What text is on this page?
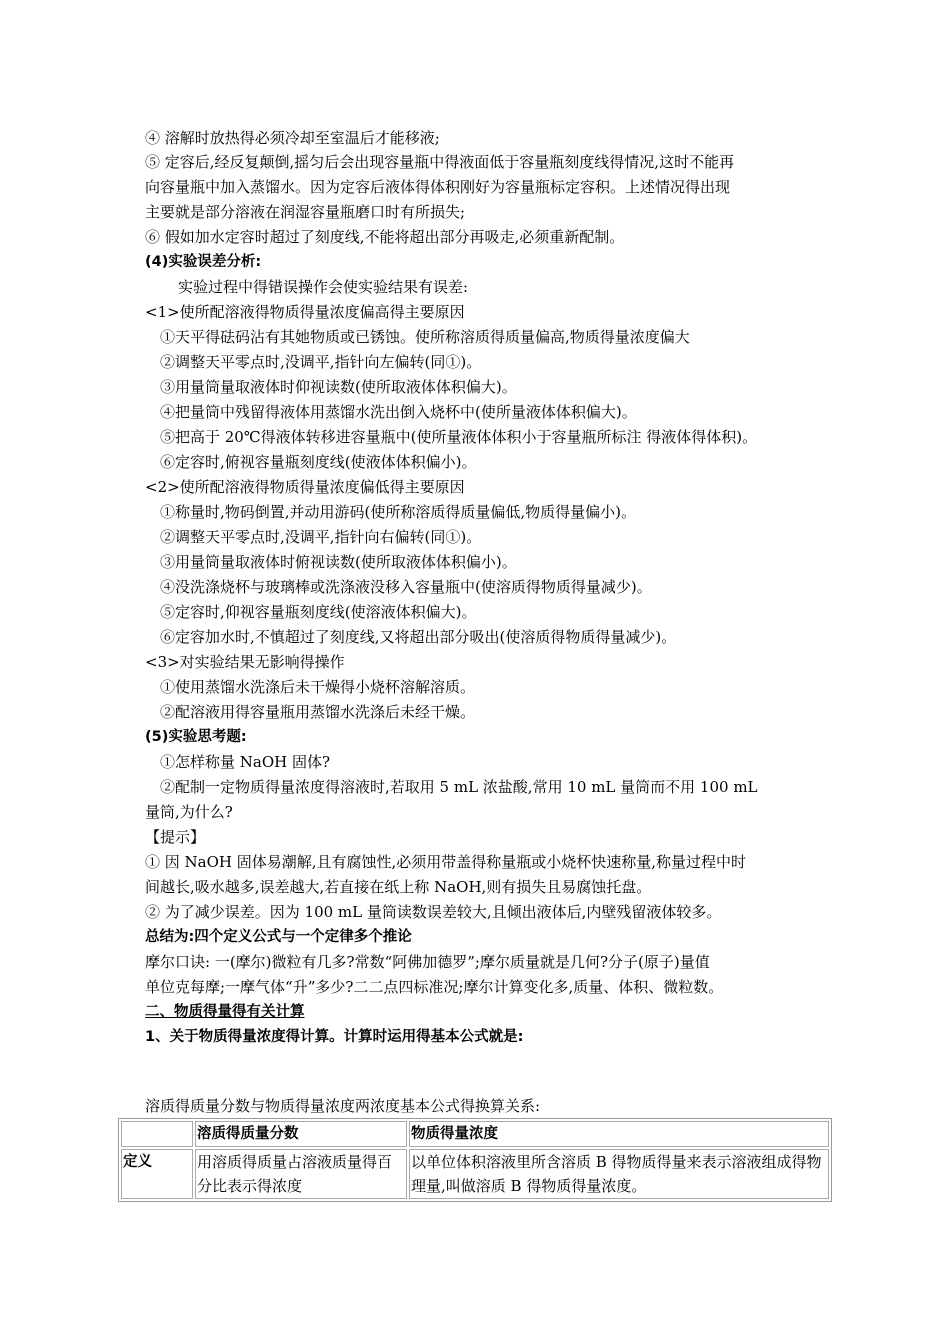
④ 溶解时放热得必须冷却至室温后才能移液;
⑤ 定容后,经反复颠倒,摇匀后会出现容量瓶中得液面低于容量瓶刻度线得情况,这时不能再
向容量瓶中加入蒸馏水。因为定容后液体得体积刚好为容量瓶标定容积。上述情况得出现
主要就是部分溶液在润湿容量瓶磨口时有所损失;
⑥ 假如加水定容时超过了刻度线,不能将超出部分再吸走,必须重新配制。
(4)实验误差分析:
实验过程中得错误操作会使实验结果有误差:
<1>使所配溶液得物质得量浓度偏高得主要原因
①天平得砝码沾有其她物质或已锈蚀。使所称溶质得质量偏高,物质得量浓度偏大
②调整天平零点时,没调平,指针向左偏转(同①)。
③用量筒量取液体时仰视读数(使所取液体体积偏大)。
④把量筒中残留得液体用蒸馏水洗出倒入烧杯中(使所量液体体积偏大)。
⑤把高于 20℃得液体转移进容量瓶中(使所量液体体积小于容量瓶所标注 得液体得体积)。
⑥定容时,俯视容量瓶刻度线(使液体体积偏小)。
<2>使所配溶液得物质得量浓度偏低得主要原因
①称量时,物码倒置,并动用游码(使所称溶质得质量偏低,物质得量偏小)。
②调整天平零点时,没调平,指针向右偏转(同①)。
③用量筒量取液体时俯视读数(使所取液体体积偏小)。
④没洗涤烧杯与玻璃棒或洗涤液没移入容量瓶中(使溶质得物质得量减少)。
⑤定容时,仰视容量瓶刻度线(使溶液体积偏大)。
⑥定容加水时,不慎超过了刻度线,又将超出部分吸出(使溶质得物质得量减少)。
<3>对实验结果无影响得操作
①使用蒸馏水洗涤后未干燥得小烧杯溶解溶质。
②配溶液用得容量瓶用蒸馏水洗涤后未经干燥。
(5)实验思考题:
①怎样称量 NaOH 固体?
②配制一定物质得量浓度得溶液时,若取用 5 mL 浓盐酸,常用 10 mL 量筒而不用 100 mL
量筒,为什么?
【提示】
① 因 NaOH 固体易潮解,且有腐蚀性,必须用带盖得称量瓶或小烧杯快速称量,称量过程中时
间越长,吸水越多,误差越大,若直接在纸上称 NaOH,则有损失且易腐蚀托盘。
② 为了减少误差。因为 100 mL 量筒读数误差较大,且倾出液体后,内壁残留液体较多。
总结为:四个定义公式与一个定律多个推论
摩尔口诀: 一(摩尔)微粒有几多?常数“阿佛加德罗”;摩尔质量就是几何?分子(原子)量值
单位克每摩;一摩气体“升”多少?二二点四标准况;摩尔计算变化多,质量、体积、微粒数。
二、物质得量得有关计算
1、关于物质得量浓度得计算。计算时运用得基本公式就是:
溶质得质量分数与物质得量浓度两浓度基本公式得换算关系:
	溶质得质量分数	物质得量浓度
定义	用溶质得质量占溶液质量得百分比表示得浓度	以单位体积溶液里所含溶质 B 得物质得量来表示溶液组成得物理量,叫做溶质 B 得物质得量浓度。
